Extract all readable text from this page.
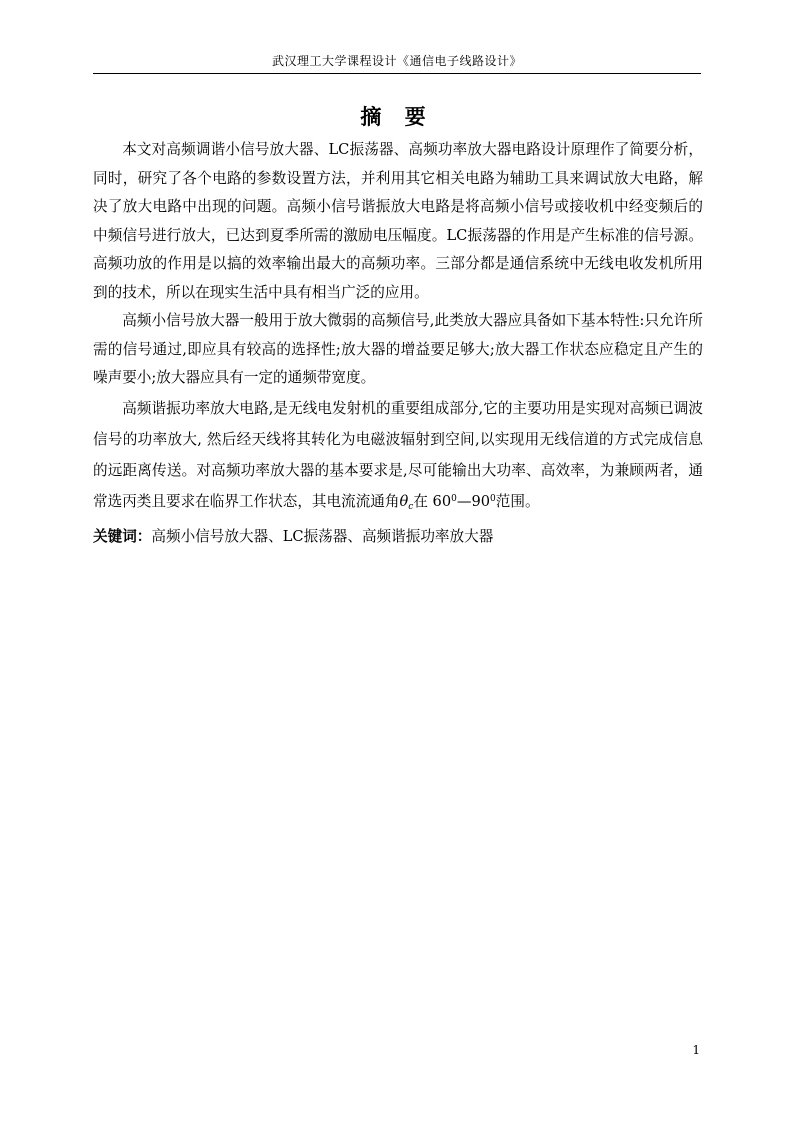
武汉理工大学课程设计《通信电子线路设计》
摘 要

本文对高频调谐小信号放大器、LC振荡器、高频功率放大器电路设计原理作了简要分析，同时，研究了各个电路的参数设置方法，并利用其它相关电路为辅助工具来调试放大电路，解决了放大电路中出现的问题。高频小信号谐振放大电路是将高频小信号或接收机中经变频后的中频信号进行放大，已达到夏季所需的激励电压幅度。LC振荡器的作用是产生标准的信号源。高频功放的作用是以搞的效率输出最大的高频功率。三部分都是通信系统中无线电收发机所用到的技术，所以在现实生活中具有相当广泛的应用。

高频小信号放大器一般用于放大微弱的高频信号,此类放大器应具备如下基本特性:只允许所需的信号通过,即应具有较高的选择性;放大器的增益要足够大;放大器工作状态应稳定且产生的噪声要小;放大器应具有一定的通频带宽度。

高频谐振功率放大电路,是无线电发射机的重要组成部分,它的主要功用是实现对高频已调波信号的功率放大, 然后经天线将其转化为电磁波辐射到空间,以实现用无线信道的方式完成信息的远距离传送。对高频功率放大器的基本要求是,尽可能输出大功率、高效率，为兼顾两者，通常选丙类且要求在临界工作状态，其电流流通角$\theta_c$在 $60^0—90^0$范围。

关键词：高频小信号放大器、LC振荡器、高频谐振功率放大器

1
